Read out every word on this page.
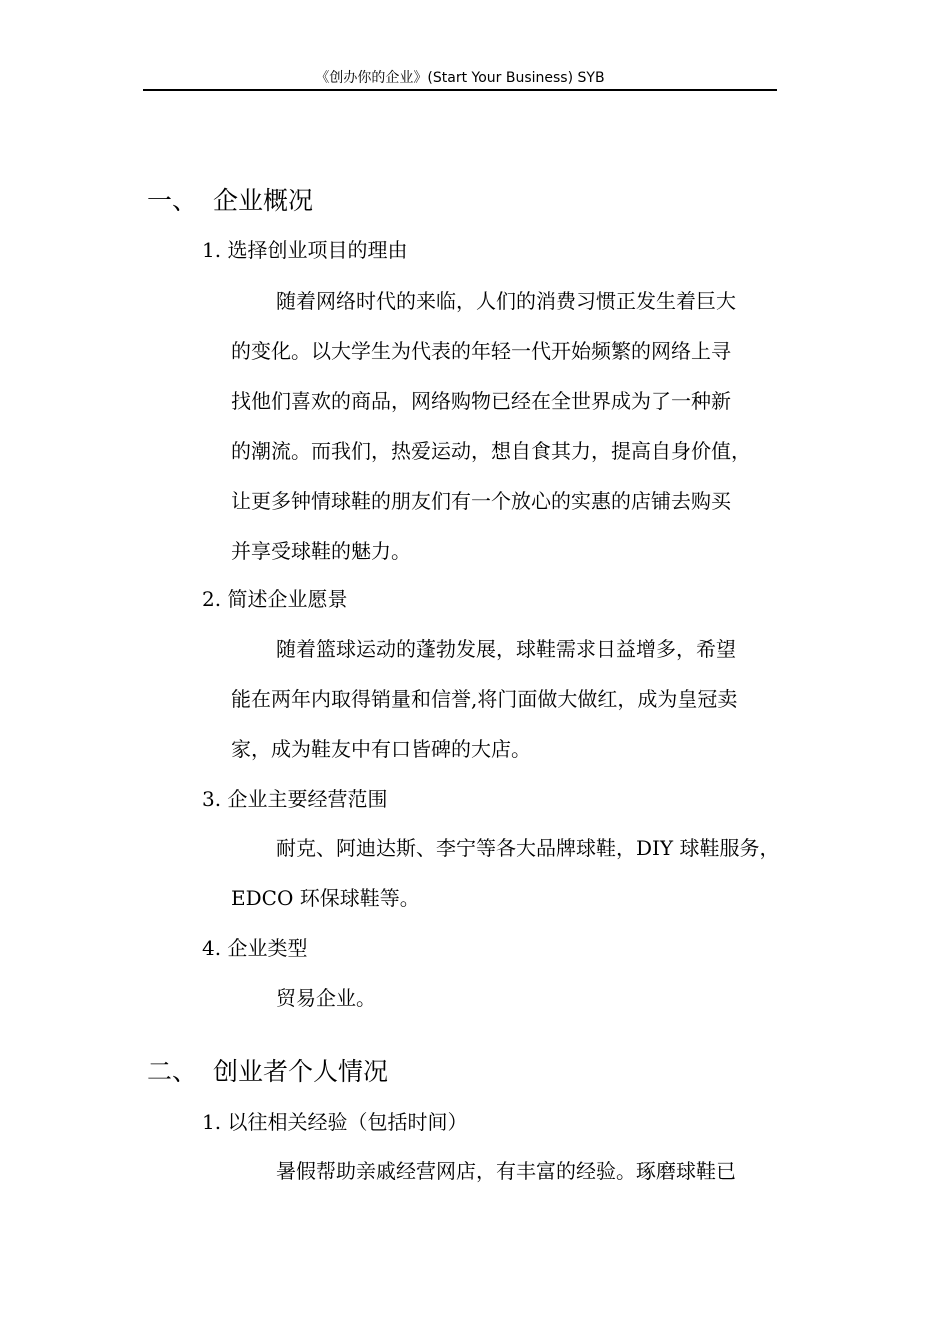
《创办你的企业》(Start Your Business) SYB
一、 企业概况
1. 选择创业项目的理由
随着网络时代的来临，人们的消费习惯正发生着巨大
的变化。以大学生为代表的年轻一代开始频繁的网络上寻
找他们喜欢的商品，网络购物已经在全世界成为了一种新
的潮流。而我们，热爱运动，想自食其力，提高自身价值，
让更多钟情球鞋的朋友们有一个放心的实惠的店铺去购买
并享受球鞋的魅力。
2. 简述企业愿景
随着篮球运动的蓬勃发展，球鞋需求日益增多，希望
能在两年内取得销量和信誉,将门面做大做红，成为皇冠卖
家，成为鞋友中有口皆碑的大店。
3. 企业主要经营范围
耐克、阿迪达斯、李宁等各大品牌球鞋，DIY 球鞋服务，
EDCO 环保球鞋等。
4. 企业类型
贸易企业。
二、 创业者个人情况
1. 以往相关经验（包括时间）
暑假帮助亲戚经营网店，有丰富的经验。琢磨球鞋已
